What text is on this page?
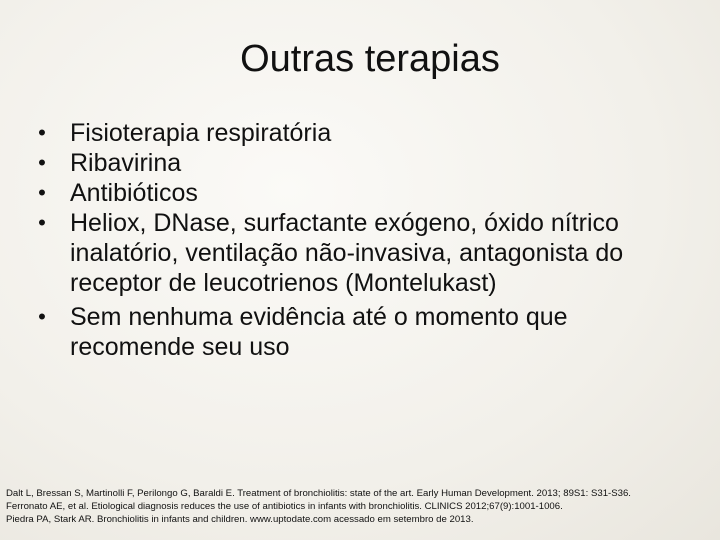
Outras terapias
• Fisioterapia respiratória
• Ribavirina
• Antibióticos
• Heliox, DNase, surfactante exógeno, óxido nítrico inalatório, ventilação não-invasiva, antagonista do receptor de leucotrienos (Montelukast)
• Sem nenhuma evidência até o momento que recomende seu uso
Dalt L, Bressan S, Martinolli F, Perilongo G, Baraldi E. Treatment of bronchiolitis: state of the art. Early Human Development. 2013; 89S1: S31-S36.
Ferronato AE, et al. Etiological diagnosis reduces the use of antibiotics in infants with bronchiolitis. CLINICS 2012;67(9):1001-1006.
Piedra PA, Stark AR. Bronchiolitis in infants and children. www.uptodate.com acessado em setembro de 2013.
